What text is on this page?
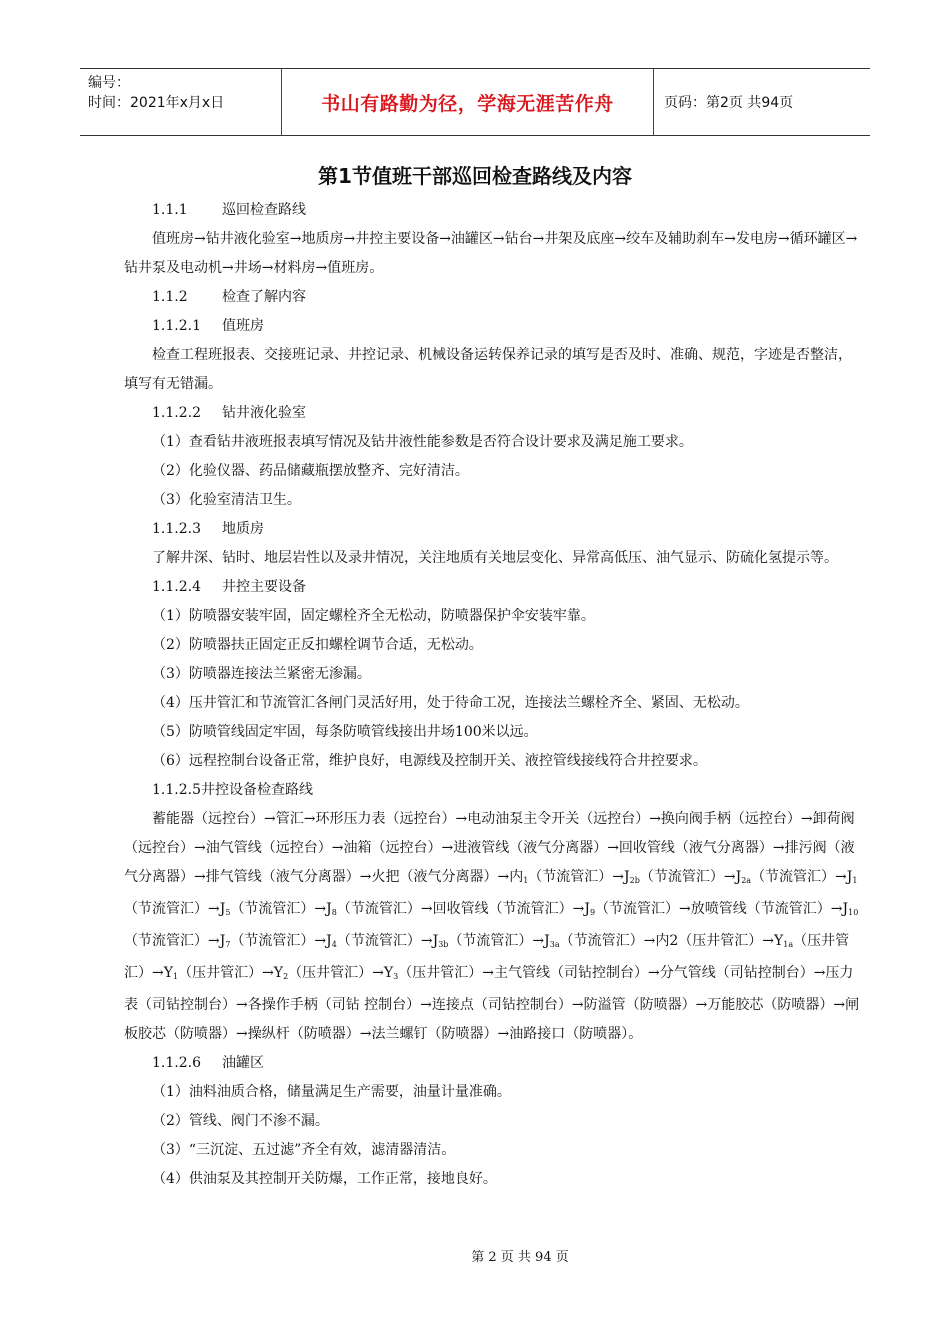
编号：
时间：2021年x月x日	书山有路勤为径，学海无涯苦作舟	页码：第2页 共94页
第1节值班干部巡回检查路线及内容

1.1.1 巡回检查路线

值班房→钻井液化验室→地质房→井控主要设备→油罐区→钻台→井架及底座→绞车及辅助刹车→发电房→循环罐区→钻井泵及电动机→井场→材料房→值班房。

1.1.2 检查了解内容

1.1.2.1 值班房

检查工程班报表、交接班记录、井控记录、机械设备运转保养记录的填写是否及时、准确、规范，字迹是否整洁，填写有无错漏。

1.1.2.2 钻井液化验室

（1）查看钻井液班报表填写情况及钻井液性能参数是否符合设计要求及满足施工要求。

（2）化验仪器、药品储藏瓶摆放整齐、完好清洁。

（3）化验室清洁卫生。

1.1.2.3 地质房

了解井深、钻时、地层岩性以及录井情况，关注地质有关地层变化、异常高低压、油气显示、防硫化氢提示等。

1.1.2.4 井控主要设备

（1）防喷器安装牢固，固定螺栓齐全无松动，防喷器保护伞安装牢靠。

（2）防喷器扶正固定正反扣螺栓调节合适，无松动。

（3）防喷器连接法兰紧密无渗漏。

（4）压井管汇和节流管汇各闸门灵活好用，处于待命工况，连接法兰螺栓齐全、紧固、无松动。

（5）防喷管线固定牢固，每条防喷管线接出井场100米以远。

（6）远程控制台设备正常，维护良好，电源线及控制开关、液控管线接线符合井控要求。

1.1.2.5井控设备检查路线

蓄能器（远控台）→管汇→环形压力表（远控台）→电动油泵主令开关（远控台）→换向阀手柄（远控台）→卸荷阀（远控台）→油气管线（远控台）→油箱（远控台）→进液管线（液气分离器）→回收管线（液气分离器）→排污阀（液气分离器）→排气管线（液气分离器）→火把（液气分离器）→内$_1$（节流管汇）$\to J_{2b}$（节流管汇）$\to J_{2a}$（节流管汇）$\to J_1$（节流管汇）$\to J_5$（节流管汇）$\to J_8$（节流管汇）→回收管线（节流管汇）$\to J_9$（节流管汇）→放喷管线（节流管汇）$\to J_{10}$（节流管汇）$\to J_7$（节流管汇）$\to J_4$（节流管汇）$\to J_{3b}$（节流管汇）$\to J_{3a}$（节流管汇）→内2（压井管汇）$\to Y_{1a}$（压井管汇）$\to Y_1$（压井管汇）$\to Y_2$（压井管汇）$\to Y_3$（压井管汇）→主气管线（司钻控制台）→分气管线（司钻控制台）→压力表（司钻控制台）→各操作手柄（司钻 控制台）→连接点（司钻控制台）→防溢管（防喷器）→万能胶芯（防喷器）→闸板胶芯（防喷器）→操纵杆（防喷器）→法兰螺钉（防喷器）→油路接口（防喷器）。

1.1.2.6 油罐区

（1）油料油质合格，储量满足生产需要，油量计量准确。

（2）管线、阀门不渗不漏。

（3）“三沉淀、五过滤”齐全有效，滤清器清洁。

（4）供油泵及其控制开关防爆，工作正常，接地良好。

第 2 页 共 94 页
